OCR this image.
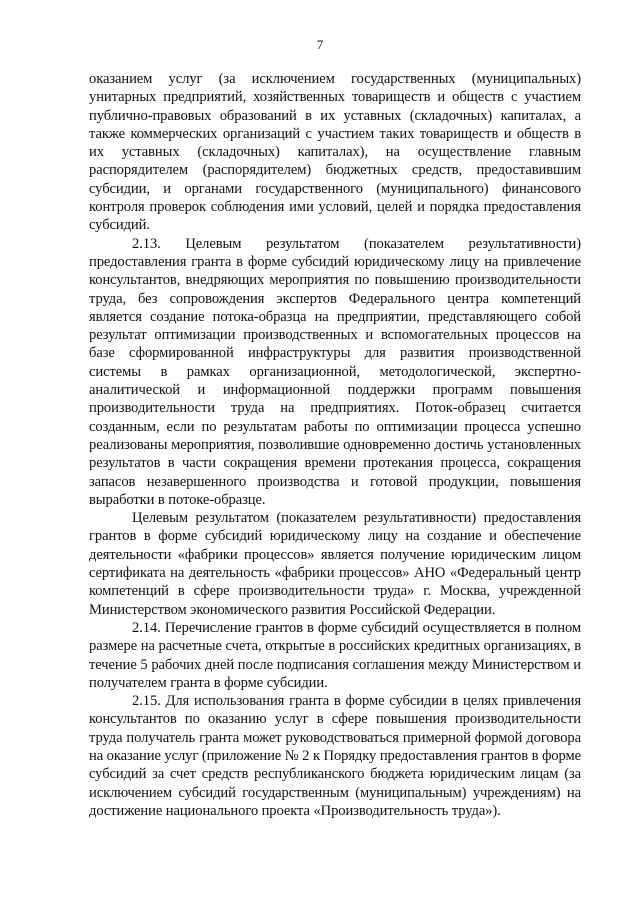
7

оказанием услуг (за исключением государственных (муниципальных) унитарных предприятий, хозяйственных товариществ и обществ с участием публично-правовых образований в их уставных (складочных) капиталах, а также коммерческих организаций с участием таких товариществ и обществ в их уставных (складочных) капиталах), на осуществление главным распорядителем (распорядителем) бюджетных средств, предоставившим субсидии, и органами государственного (муниципального) финансового контроля проверок соблюдения ими условий, целей и порядка предоставления субсидий.

2.13. Целевым результатом (показателем результативности) предоставления гранта в форме субсидий юридическому лицу на привлечение консультантов, внедряющих мероприятия по повышению производительности труда, без сопровождения экспертов Федерального центра компетенций является создание потока-образца на предприятии, представляющего собой результат оптимизации производственных и вспомогательных процессов на базе сформированной инфраструктуры для развития производственной системы в рамках организационной, методологической, экспертно-аналитической и информационной поддержки программ повышения производительности труда на предприятиях. Поток-образец считается созданным, если по результатам работы по оптимизации процесса успешно реализованы мероприятия, позволившие одновременно достичь установленных результатов в части сокращения времени протекания процесса, сокращения запасов незавершенного производства и готовой продукции, повышения выработки в потоке-образце.

Целевым результатом (показателем результативности) предоставления грантов в форме субсидий юридическому лицу на создание и обеспечение деятельности «фабрики процессов» является получение юридическим лицом сертификата на деятельность «фабрики процессов» АНО «Федеральный центр компетенций в сфере производительности труда» г. Москва, учрежденной Министерством экономического развития Российской Федерации.

2.14. Перечисление грантов в форме субсидий осуществляется в полном размере на расчетные счета, открытые в российских кредитных организациях, в течение 5 рабочих дней после подписания соглашения между Министерством и получателем гранта в форме субсидии.

2.15. Для использования гранта в форме субсидии в целях привлечения консультантов по оказанию услуг в сфере повышения производительности труда получатель гранта может руководствоваться примерной формой договора на оказание услуг (приложение № 2 к Порядку предоставления грантов в форме субсидий за счет средств республиканского бюджета юридическим лицам (за исключением субсидий государственным (муниципальным) учреждениям) на достижение национального проекта «Производительность труда»).
